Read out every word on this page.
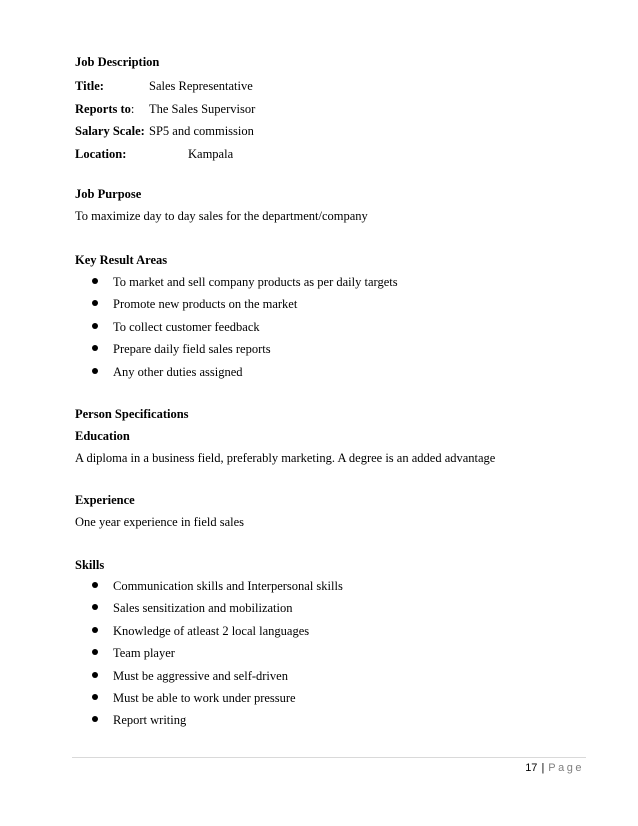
Job Description
Title:	Sales Representative
Reports to: The Sales Supervisor
Salary Scale: SP5 and commission
Location:	Kampala
Job Purpose
To maximize day to day sales for the department/company
Key Result Areas
To market and sell company products as per daily targets
Promote new products on the market
To collect customer feedback
Prepare daily field sales reports
Any other duties assigned
Person Specifications
Education
A diploma in a business field, preferably marketing. A degree is an added advantage
Experience
One year experience in field sales
Skills
Communication skills and Interpersonal skills
Sales sensitization and mobilization
Knowledge of atleast 2 local languages
Team player
Must be aggressive and self-driven
Must be able to work under pressure
Report writing
17 | Page
